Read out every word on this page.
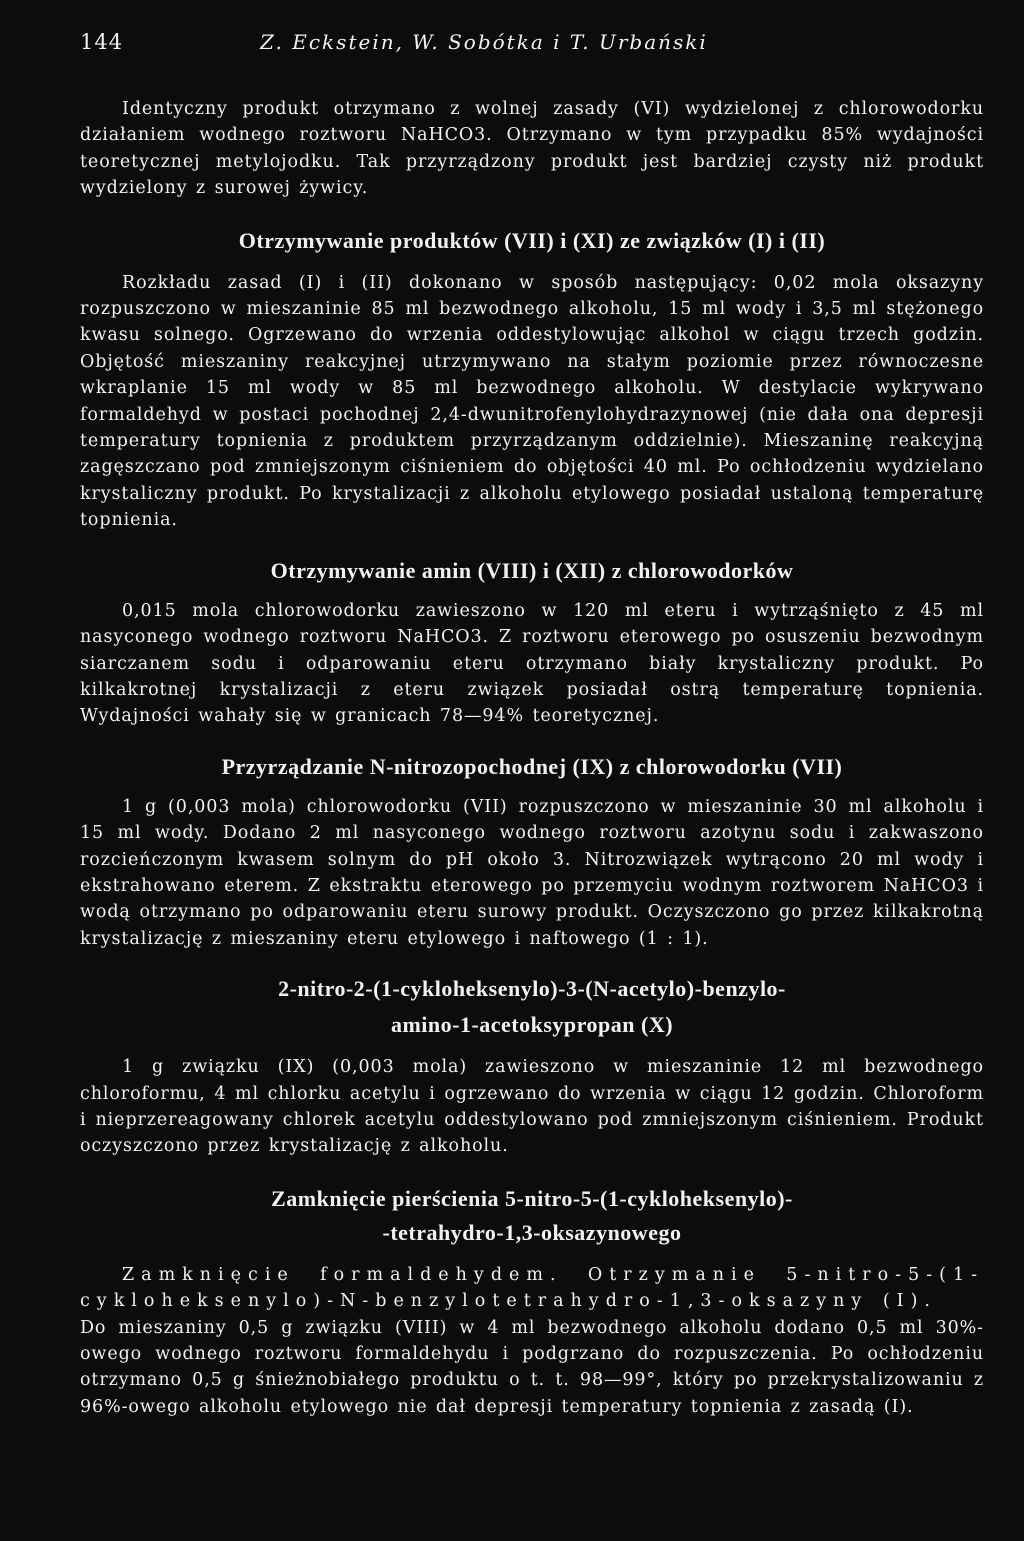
144	Z. Eckstein, W. Sobótka i T. Urbański

Identyczny produkt otrzymano z wolnej zasady (VI) wydzielonej z chlorowodorku działaniem wodnego roztworu NaHCO3. Otrzymano w tym przypadku 85% wydajności teoretycznej metylojodku. Tak przyrządzony produkt jest bardziej czysty niż produkt wydzielony z surowej żywicy.

Otrzymywanie produktów (VII) i (XI) ze związków (I) i (II)

Rozkładu zasad (I) i (II) dokonano w sposób następujący: 0,02 mola oksazyny rozpuszczono w mieszaninie 85 ml bezwodnego alkoholu, 15 ml wody i 3,5 ml stężonego kwasu solnego. Ogrzewano do wrzenia oddestylowując alkohol w ciągu trzech godzin. Objętość mieszaniny reakcyjnej utrzymywano na stałym poziomie przez równoczesne wkraplanie 15 ml wody w 85 ml bezwodnego alkoholu. W destylacie wykrywano formaldehyd w postaci pochodnej 2,4-dwunitrofenylohydrazynowej (nie dała ona depresji temperatury topnienia z produktem przyrządzanym oddzielnie). Mieszaninę reakcyjną zagęszczano pod zmniejszonym ciśnieniem do objętości 40 ml. Po ochłodzeniu wydzielano krystaliczny produkt. Po krystalizacji z alkoholu etylowego posiadał ustaloną temperaturę topnienia.

Otrzymywanie amin (VIII) i (XII) z chlorowodorków

0,015 mola chlorowodorku zawieszono w 120 ml eteru i wytrząśnięto z 45 ml nasyconego wodnego roztworu NaHCO3. Z roztworu eterowego po osuszeniu bezwodnym siarczanem sodu i odparowaniu eteru otrzymano biały krystaliczny produkt. Po kilkakrotnej krystalizacji z eteru związek posiadał ostrą temperaturę topnienia. Wydajności wahały się w granicach 78—94% teoretycznej.

Przyrządzanie N-nitrozopochodnej (IX) z chlorowodorku (VII)

1 g (0,003 mola) chlorowodorku (VII) rozpuszczono w mieszaninie 30 ml alkoholu i 15 ml wody. Dodano 2 ml nasyconego wodnego roztworu azotynu sodu i zakwaszono rozcieńczonym kwasem solnym do pH około 3. Nitrozwiązek wytrącono 20 ml wody i ekstrahowano eterem. Z ekstraktu eterowego po przemyciu wodnym roztworem NaHCO3 i wodą otrzymano po odparowaniu eteru surowy produkt. Oczyszczono go przez kilkakrotną krystalizację z mieszaniny eteru etylowego i naftowego (1 : 1).

2-nitro-2-(1-cykloheksenylo)-3-(N-acetylo)-benzylo-
amino-1-acetoksypropan (X)

1 g związku (IX) (0,003 mola) zawieszono w mieszaninie 12 ml bezwodnego chloroformu, 4 ml chlorku acetylu i ogrzewano do wrzenia w ciągu 12 godzin. Chloroform i nieprzereagowany chlorek acetylu oddestylowano pod zmniejszonym ciśnieniem. Produkt oczyszczono przez krystalizację z alkoholu.

Zamknięcie pierścienia 5-nitro-5-(1-cykloheksenylo)-
-tetrahydro-1,3-oksazynowego

Zamknięcie formaldehydem. Otrzymanie 5-nitro-5-(1-cykloheksenylo)-N-benzylotetrahydro-1,3-oksazyny (I).

Do mieszaniny 0,5 g związku (VIII) w 4 ml bezwodnego alkoholu dodano 0,5 ml 30%-owego wodnego roztworu formaldehydu i podgrzano do rozpuszczenia. Po ochłodzeniu otrzymano 0,5 g śnieżnobiałego produktu o t. t. 98—99°, który po przekrystalizowaniu z 96%-owego alkoholu etylowego nie dał depresji temperatury topnienia z zasadą (I).
